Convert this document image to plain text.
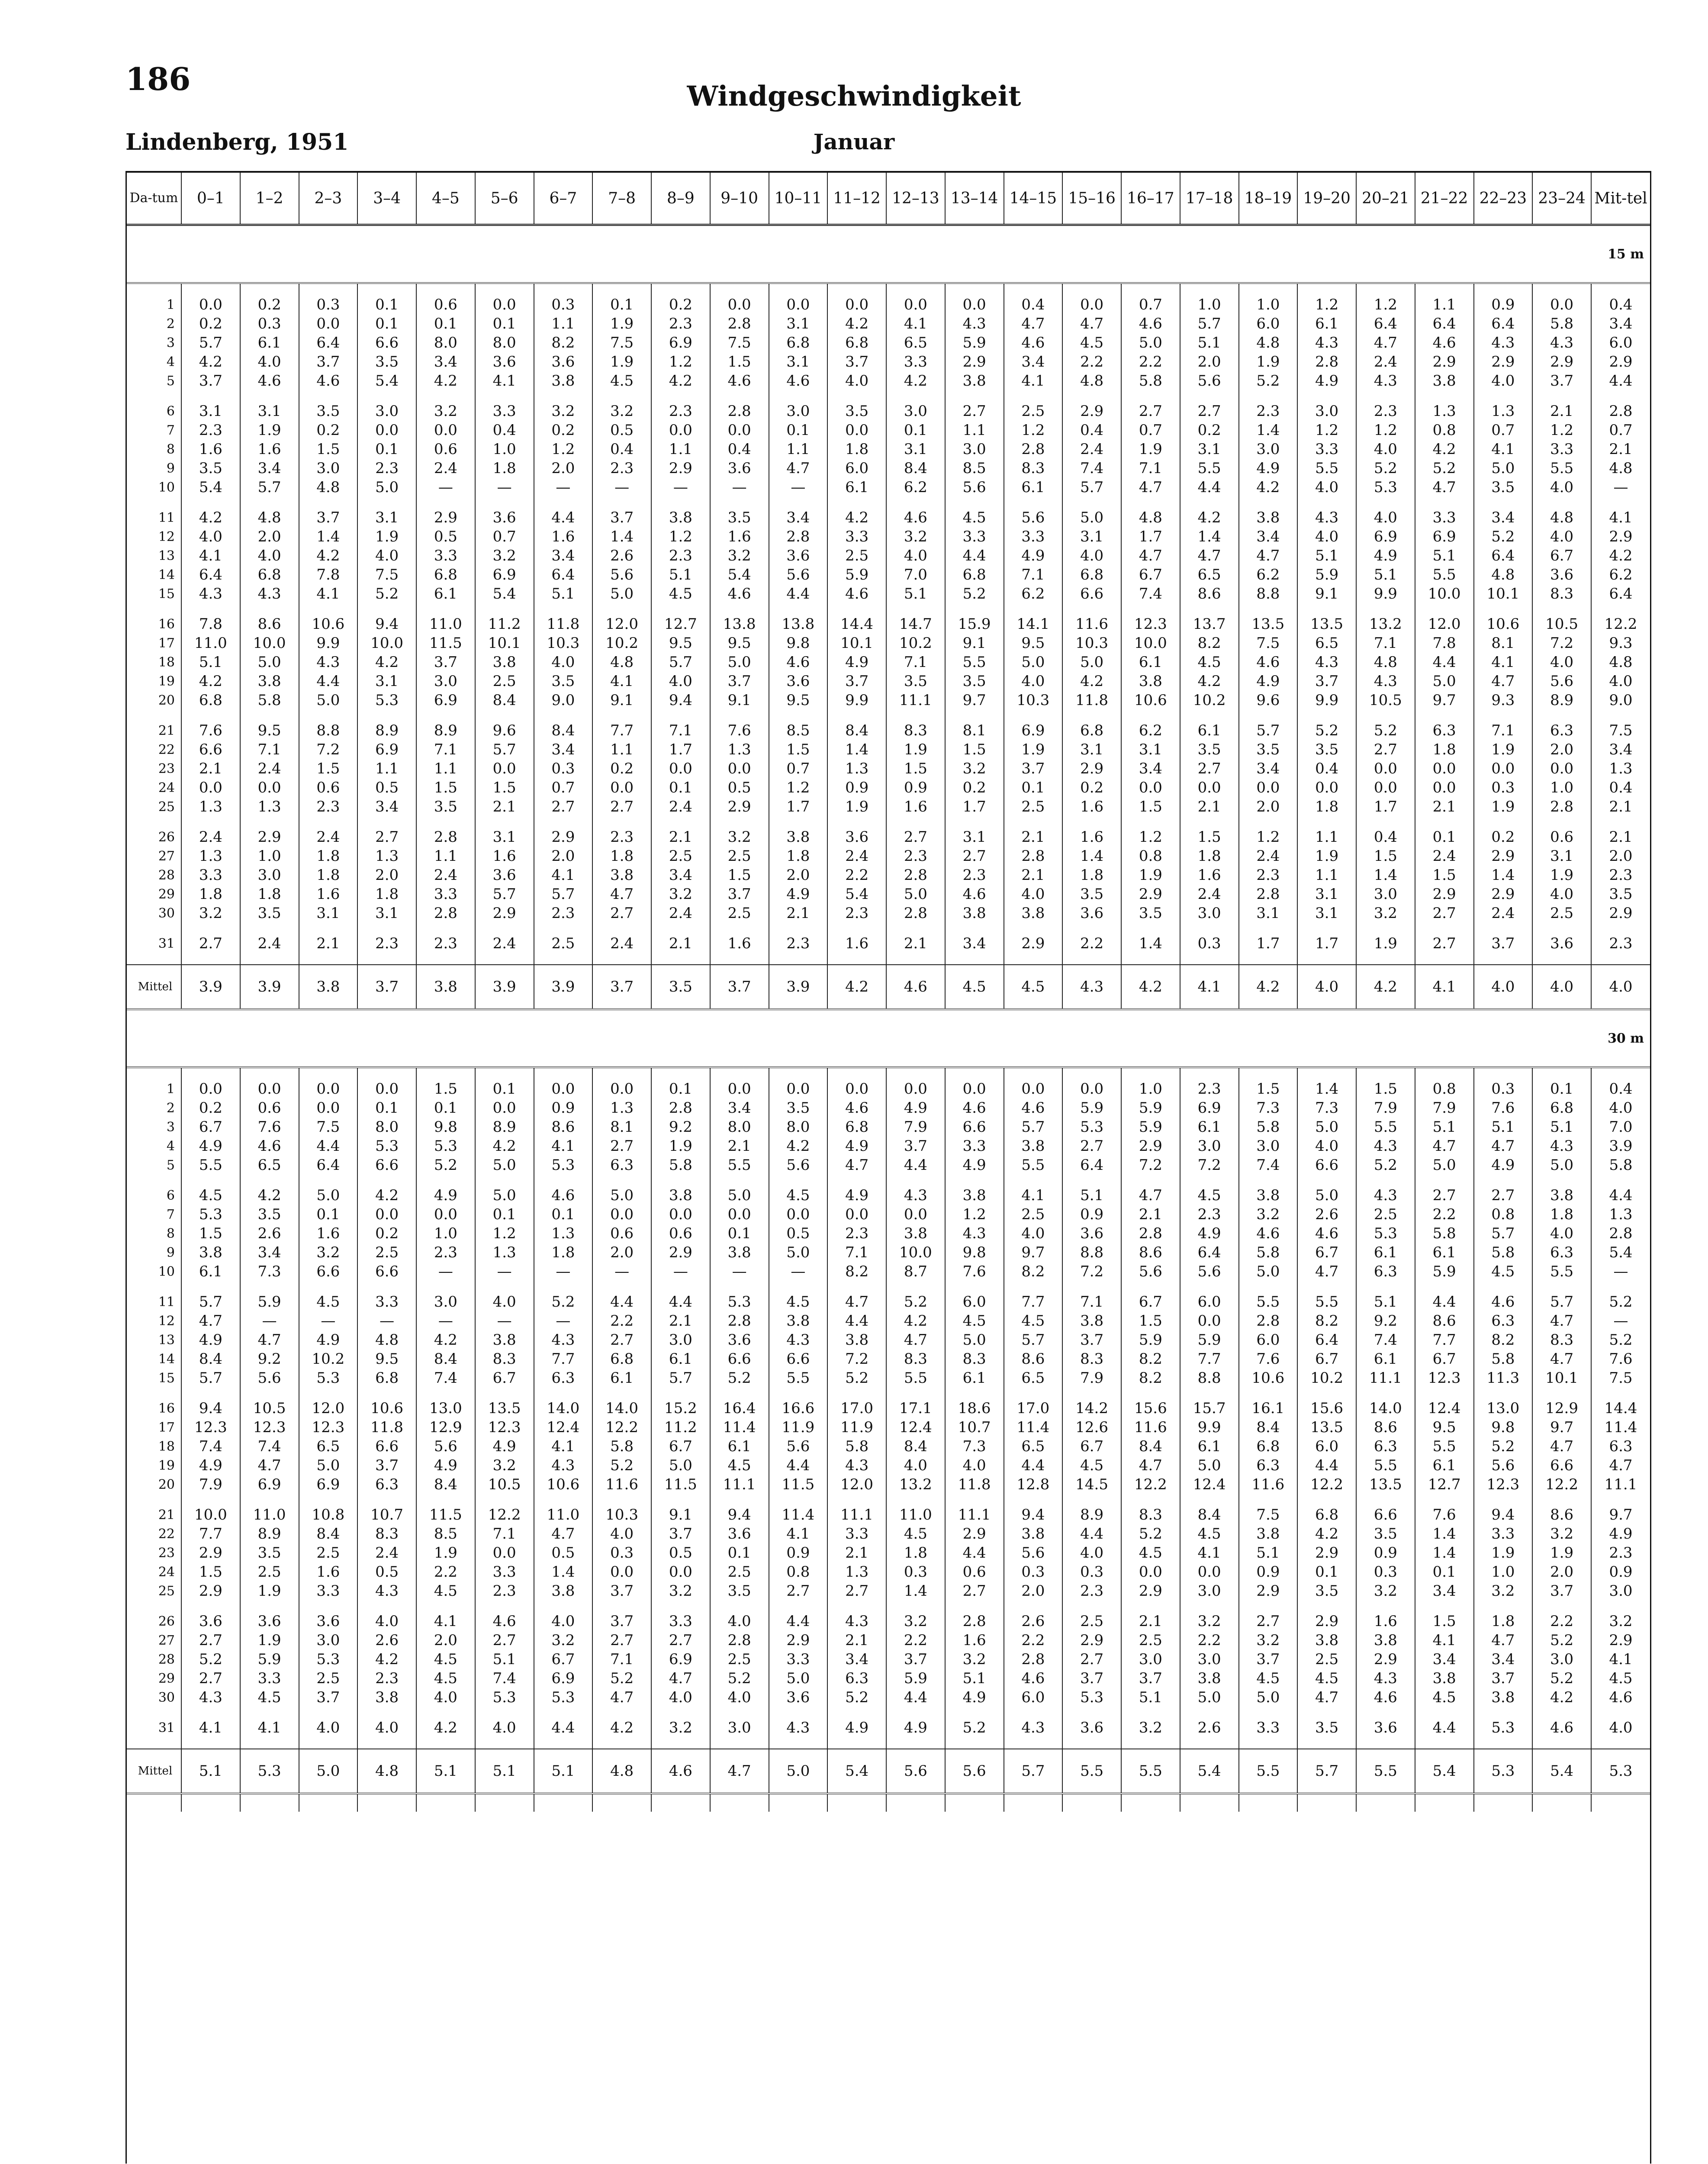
186	Windgeschwindigkeit
Lindenberg, 1951	Januar
Da-tum	0–1	1–2	2–3	3–4	4–5	5–6	6–7	7–8	8–9	9–10	10–11	11–12	12–13	13–14	14–15	15–16	16–17	17–18	18–19	19–20	20–21	21–22	22–23	23–24	Mit-tel
15 m																									

1	0.0	0.2	0.3	0.1	0.6	0.0	0.3	0.1	0.2	0.0	0.0	0.0	0.0	0.0	0.4	0.0	0.7	1.0	1.0	1.2	1.2	1.1	0.9	0.0	0.4
2	0.2	0.3	0.0	0.1	0.1	0.1	1.1	1.9	2.3	2.8	3.1	4.2	4.1	4.3	4.7	4.7	4.6	5.7	6.0	6.1	6.4	6.4	6.4	5.8	3.4
3	5.7	6.1	6.4	6.6	8.0	8.0	8.2	7.5	6.9	7.5	6.8	6.8	6.5	5.9	4.6	4.5	5.0	5.1	4.8	4.3	4.7	4.6	4.3	4.3	6.0
4	4.2	4.0	3.7	3.5	3.4	3.6	3.6	1.9	1.2	1.5	3.1	3.7	3.3	2.9	3.4	2.2	2.2	2.0	1.9	2.8	2.4	2.9	2.9	2.9	2.9
5	3.7	4.6	4.6	5.4	4.2	4.1	3.8	4.5	4.2	4.6	4.6	4.0	4.2	3.8	4.1	4.8	5.8	5.6	5.2	4.9	4.3	3.8	4.0	3.7	4.4

6	3.1	3.1	3.5	3.0	3.2	3.3	3.2	3.2	2.3	2.8	3.0	3.5	3.0	2.7	2.5	2.9	2.7	2.7	2.3	3.0	2.3	1.3	1.3	2.1	2.8
7	2.3	1.9	0.2	0.0	0.0	0.4	0.2	0.5	0.0	0.0	0.1	0.0	0.1	1.1	1.2	0.4	0.7	0.2	1.4	1.2	1.2	0.8	0.7	1.2	0.7
8	1.6	1.6	1.5	0.1	0.6	1.0	1.2	0.4	1.1	0.4	1.1	1.8	3.1	3.0	2.8	2.4	1.9	3.1	3.0	3.3	4.0	4.2	4.1	3.3	2.1
9	3.5	3.4	3.0	2.3	2.4	1.8	2.0	2.3	2.9	3.6	4.7	6.0	8.4	8.5	8.3	7.4	7.1	5.5	4.9	5.5	5.2	5.2	5.0	5.5	4.8
10	5.4	5.7	4.8	5.0	—	—	—	—	—	—	—	6.1	6.2	5.6	6.1	5.7	4.7	4.4	4.2	4.0	5.3	4.7	3.5	4.0	—

11	4.2	4.8	3.7	3.1	2.9	3.6	4.4	3.7	3.8	3.5	3.4	4.2	4.6	4.5	5.6	5.0	4.8	4.2	3.8	4.3	4.0	3.3	3.4	4.8	4.1
12	4.0	2.0	1.4	1.9	0.5	0.7	1.6	1.4	1.2	1.6	2.8	3.3	3.2	3.3	3.3	3.1	1.7	1.4	3.4	4.0	6.9	6.9	5.2	4.0	2.9
13	4.1	4.0	4.2	4.0	3.3	3.2	3.4	2.6	2.3	3.2	3.6	2.5	4.0	4.4	4.9	4.0	4.7	4.7	4.7	5.1	4.9	5.1	6.4	6.7	4.2
14	6.4	6.8	7.8	7.5	6.8	6.9	6.4	5.6	5.1	5.4	5.6	5.9	7.0	6.8	7.1	6.8	6.7	6.5	6.2	5.9	5.1	5.5	4.8	3.6	6.2
15	4.3	4.3	4.1	5.2	6.1	5.4	5.1	5.0	4.5	4.6	4.4	4.6	5.1	5.2	6.2	6.6	7.4	8.6	8.8	9.1	9.9	10.0	10.1	8.3	6.4

16	7.8	8.6	10.6	9.4	11.0	11.2	11.8	12.0	12.7	13.8	13.8	14.4	14.7	15.9	14.1	11.6	12.3	13.7	13.5	13.5	13.2	12.0	10.6	10.5	12.2
17	11.0	10.0	9.9	10.0	11.5	10.1	10.3	10.2	9.5	9.5	9.8	10.1	10.2	9.1	9.5	10.3	10.0	8.2	7.5	6.5	7.1	7.8	8.1	7.2	9.3
18	5.1	5.0	4.3	4.2	3.7	3.8	4.0	4.8	5.7	5.0	4.6	4.9	7.1	5.5	5.0	5.0	6.1	4.5	4.6	4.3	4.8	4.4	4.1	4.0	4.8
19	4.2	3.8	4.4	3.1	3.0	2.5	3.5	4.1	4.0	3.7	3.6	3.7	3.5	3.5	4.0	4.2	3.8	4.2	4.9	3.7	4.3	5.0	4.7	5.6	4.0
20	6.8	5.8	5.0	5.3	6.9	8.4	9.0	9.1	9.4	9.1	9.5	9.9	11.1	9.7	10.3	11.8	10.6	10.2	9.6	9.9	10.5	9.7	9.3	8.9	9.0

21	7.6	9.5	8.8	8.9	8.9	9.6	8.4	7.7	7.1	7.6	8.5	8.4	8.3	8.1	6.9	6.8	6.2	6.1	5.7	5.2	5.2	6.3	7.1	6.3	7.5
22	6.6	7.1	7.2	6.9	7.1	5.7	3.4	1.1	1.7	1.3	1.5	1.4	1.9	1.5	1.9	3.1	3.1	3.5	3.5	3.5	2.7	1.8	1.9	2.0	3.4
23	2.1	2.4	1.5	1.1	1.1	0.0	0.3	0.2	0.0	0.0	0.7	1.3	1.5	3.2	3.7	2.9	3.4	2.7	3.4	0.4	0.0	0.0	0.0	0.0	1.3
24	0.0	0.0	0.6	0.5	1.5	1.5	0.7	0.0	0.1	0.5	1.2	0.9	0.9	0.2	0.1	0.2	0.0	0.0	0.0	0.0	0.0	0.0	0.3	1.0	0.4
25	1.3	1.3	2.3	3.4	3.5	2.1	2.7	2.7	2.4	2.9	1.7	1.9	1.6	1.7	2.5	1.6	1.5	2.1	2.0	1.8	1.7	2.1	1.9	2.8	2.1

26	2.4	2.9	2.4	2.7	2.8	3.1	2.9	2.3	2.1	3.2	3.8	3.6	2.7	3.1	2.1	1.6	1.2	1.5	1.2	1.1	0.4	0.1	0.2	0.6	2.1
27	1.3	1.0	1.8	1.3	1.1	1.6	2.0	1.8	2.5	2.5	1.8	2.4	2.3	2.7	2.8	1.4	0.8	1.8	2.4	1.9	1.5	2.4	2.9	3.1	2.0
28	3.3	3.0	1.8	2.0	2.4	3.6	4.1	3.8	3.4	1.5	2.0	2.2	2.8	2.3	2.1	1.8	1.9	1.6	2.3	1.1	1.4	1.5	1.4	1.9	2.3
29	1.8	1.8	1.6	1.8	3.3	5.7	5.7	4.7	3.2	3.7	4.9	5.4	5.0	4.6	4.0	3.5	2.9	2.4	2.8	3.1	3.0	2.9	2.9	4.0	3.5
30	3.2	3.5	3.1	3.1	2.8	2.9	2.3	2.7	2.4	2.5	2.1	2.3	2.8	3.8	3.8	3.6	3.5	3.0	3.1	3.1	3.2	2.7	2.4	2.5	2.9

31	2.7	2.4	2.1	2.3	2.3	2.4	2.5	2.4	2.1	1.6	2.3	1.6	2.1	3.4	2.9	2.2	1.4	0.3	1.7	1.7	1.9	2.7	3.7	3.6	2.3

Mittel	3.9	3.9	3.8	3.7	3.8	3.9	3.9	3.7	3.5	3.7	3.9	4.2	4.6	4.5	4.5	4.3	4.2	4.1	4.2	4.0	4.2	4.1	4.0	4.0	4.0
30 m																									

1	0.0	0.0	0.0	0.0	1.5	0.1	0.0	0.0	0.1	0.0	0.0	0.0	0.0	0.0	0.0	0.0	1.0	2.3	1.5	1.4	1.5	0.8	0.3	0.1	0.4
2	0.2	0.6	0.0	0.1	0.1	0.0	0.9	1.3	2.8	3.4	3.5	4.6	4.9	4.6	4.6	5.9	5.9	6.9	7.3	7.3	7.9	7.9	7.6	6.8	4.0
3	6.7	7.6	7.5	8.0	9.8	8.9	8.6	8.1	9.2	8.0	8.0	6.8	7.9	6.6	5.7	5.3	5.9	6.1	5.8	5.0	5.5	5.1	5.1	5.1	7.0
4	4.9	4.6	4.4	5.3	5.3	4.2	4.1	2.7	1.9	2.1	4.2	4.9	3.7	3.3	3.8	2.7	2.9	3.0	3.0	4.0	4.3	4.7	4.7	4.3	3.9
5	5.5	6.5	6.4	6.6	5.2	5.0	5.3	6.3	5.8	5.5	5.6	4.7	4.4	4.9	5.5	6.4	7.2	7.2	7.4	6.6	5.2	5.0	4.9	5.0	5.8

6	4.5	4.2	5.0	4.2	4.9	5.0	4.6	5.0	3.8	5.0	4.5	4.9	4.3	3.8	4.1	5.1	4.7	4.5	3.8	5.0	4.3	2.7	2.7	3.8	4.4
7	5.3	3.5	0.1	0.0	0.0	0.1	0.1	0.0	0.0	0.0	0.0	0.0	0.0	1.2	2.5	0.9	2.1	2.3	3.2	2.6	2.5	2.2	0.8	1.8	1.3
8	1.5	2.6	1.6	0.2	1.0	1.2	1.3	0.6	0.6	0.1	0.5	2.3	3.8	4.3	4.0	3.6	2.8	4.9	4.6	4.6	5.3	5.8	5.7	4.0	2.8
9	3.8	3.4	3.2	2.5	2.3	1.3	1.8	2.0	2.9	3.8	5.0	7.1	10.0	9.8	9.7	8.8	8.6	6.4	5.8	6.7	6.1	6.1	5.8	6.3	5.4
10	6.1	7.3	6.6	6.6	—	—	—	—	—	—	—	8.2	8.7	7.6	8.2	7.2	5.6	5.6	5.0	4.7	6.3	5.9	4.5	5.5	—

11	5.7	5.9	4.5	3.3	3.0	4.0	5.2	4.4	4.4	5.3	4.5	4.7	5.2	6.0	7.7	7.1	6.7	6.0	5.5	5.5	5.1	4.4	4.6	5.7	5.2
12	4.7	—	—	—	—	—	—	2.2	2.1	2.8	3.8	4.4	4.2	4.5	4.5	3.8	1.5	0.0	2.8	8.2	9.2	8.6	6.3	4.7	—
13	4.9	4.7	4.9	4.8	4.2	3.8	4.3	2.7	3.0	3.6	4.3	3.8	4.7	5.0	5.7	3.7	5.9	5.9	6.0	6.4	7.4	7.7	8.2	8.3	5.2
14	8.4	9.2	10.2	9.5	8.4	8.3	7.7	6.8	6.1	6.6	6.6	7.2	8.3	8.3	8.6	8.3	8.2	7.7	7.6	6.7	6.1	6.7	5.8	4.7	7.6
15	5.7	5.6	5.3	6.8	7.4	6.7	6.3	6.1	5.7	5.2	5.5	5.2	5.5	6.1	6.5	7.9	8.2	8.8	10.6	10.2	11.1	12.3	11.3	10.1	7.5

16	9.4	10.5	12.0	10.6	13.0	13.5	14.0	14.0	15.2	16.4	16.6	17.0	17.1	18.6	17.0	14.2	15.6	15.7	16.1	15.6	14.0	12.4	13.0	12.9	14.4
17	12.3	12.3	12.3	11.8	12.9	12.3	12.4	12.2	11.2	11.4	11.9	11.9	12.4	10.7	11.4	12.6	11.6	9.9	8.4	13.5	8.6	9.5	9.8	9.7	11.4
18	7.4	7.4	6.5	6.6	5.6	4.9	4.1	5.8	6.7	6.1	5.6	5.8	8.4	7.3	6.5	6.7	8.4	6.1	6.8	6.0	6.3	5.5	5.2	4.7	6.3
19	4.9	4.7	5.0	3.7	4.9	3.2	4.3	5.2	5.0	4.5	4.4	4.3	4.0	4.0	4.4	4.5	4.7	5.0	6.3	4.4	5.5	6.1	5.6	6.6	4.7
20	7.9	6.9	6.9	6.3	8.4	10.5	10.6	11.6	11.5	11.1	11.5	12.0	13.2	11.8	12.8	14.5	12.2	12.4	11.6	12.2	13.5	12.7	12.3	12.2	11.1

21	10.0	11.0	10.8	10.7	11.5	12.2	11.0	10.3	9.1	9.4	11.4	11.1	11.0	11.1	9.4	8.9	8.3	8.4	7.5	6.8	6.6	7.6	9.4	8.6	9.7
22	7.7	8.9	8.4	8.3	8.5	7.1	4.7	4.0	3.7	3.6	4.1	3.3	4.5	2.9	3.8	4.4	5.2	4.5	3.8	4.2	3.5	1.4	3.3	3.2	4.9
23	2.9	3.5	2.5	2.4	1.9	0.0	0.5	0.3	0.5	0.1	0.9	2.1	1.8	4.4	5.6	4.0	4.5	4.1	5.1	2.9	0.9	1.4	1.9	1.9	2.3
24	1.5	2.5	1.6	0.5	2.2	3.3	1.4	0.0	0.0	2.5	0.8	1.3	0.3	0.6	0.3	0.3	0.0	0.0	0.9	0.1	0.3	0.1	1.0	2.0	0.9
25	2.9	1.9	3.3	4.3	4.5	2.3	3.8	3.7	3.2	3.5	2.7	2.7	1.4	2.7	2.0	2.3	2.9	3.0	2.9	3.5	3.2	3.4	3.2	3.7	3.0

26	3.6	3.6	3.6	4.0	4.1	4.6	4.0	3.7	3.3	4.0	4.4	4.3	3.2	2.8	2.6	2.5	2.1	3.2	2.7	2.9	1.6	1.5	1.8	2.2	3.2
27	2.7	1.9	3.0	2.6	2.0	2.7	3.2	2.7	2.7	2.8	2.9	2.1	2.2	1.6	2.2	2.9	2.5	2.2	3.2	3.8	3.8	4.1	4.7	5.2	2.9
28	5.2	5.9	5.3	4.2	4.5	5.1	6.7	7.1	6.9	2.5	3.3	3.4	3.7	3.2	2.8	2.7	3.0	3.0	3.7	2.5	2.9	3.4	3.4	3.0	4.1
29	2.7	3.3	2.5	2.3	4.5	7.4	6.9	5.2	4.7	5.2	5.0	6.3	5.9	5.1	4.6	3.7	3.7	3.8	4.5	4.5	4.3	3.8	3.7	5.2	4.5
30	4.3	4.5	3.7	3.8	4.0	5.3	5.3	4.7	4.0	4.0	3.6	5.2	4.4	4.9	6.0	5.3	5.1	5.0	5.0	4.7	4.6	4.5	3.8	4.2	4.6

31	4.1	4.1	4.0	4.0	4.2	4.0	4.4	4.2	3.2	3.0	4.3	4.9	4.9	5.2	4.3	3.6	3.2	2.6	3.3	3.5	3.6	4.4	5.3	4.6	4.0

Mittel	5.1	5.3	5.0	4.8	5.1	5.1	5.1	4.8	4.6	4.7	5.0	5.4	5.6	5.6	5.7	5.5	5.5	5.4	5.5	5.7	5.5	5.4	5.3	5.4	5.3
